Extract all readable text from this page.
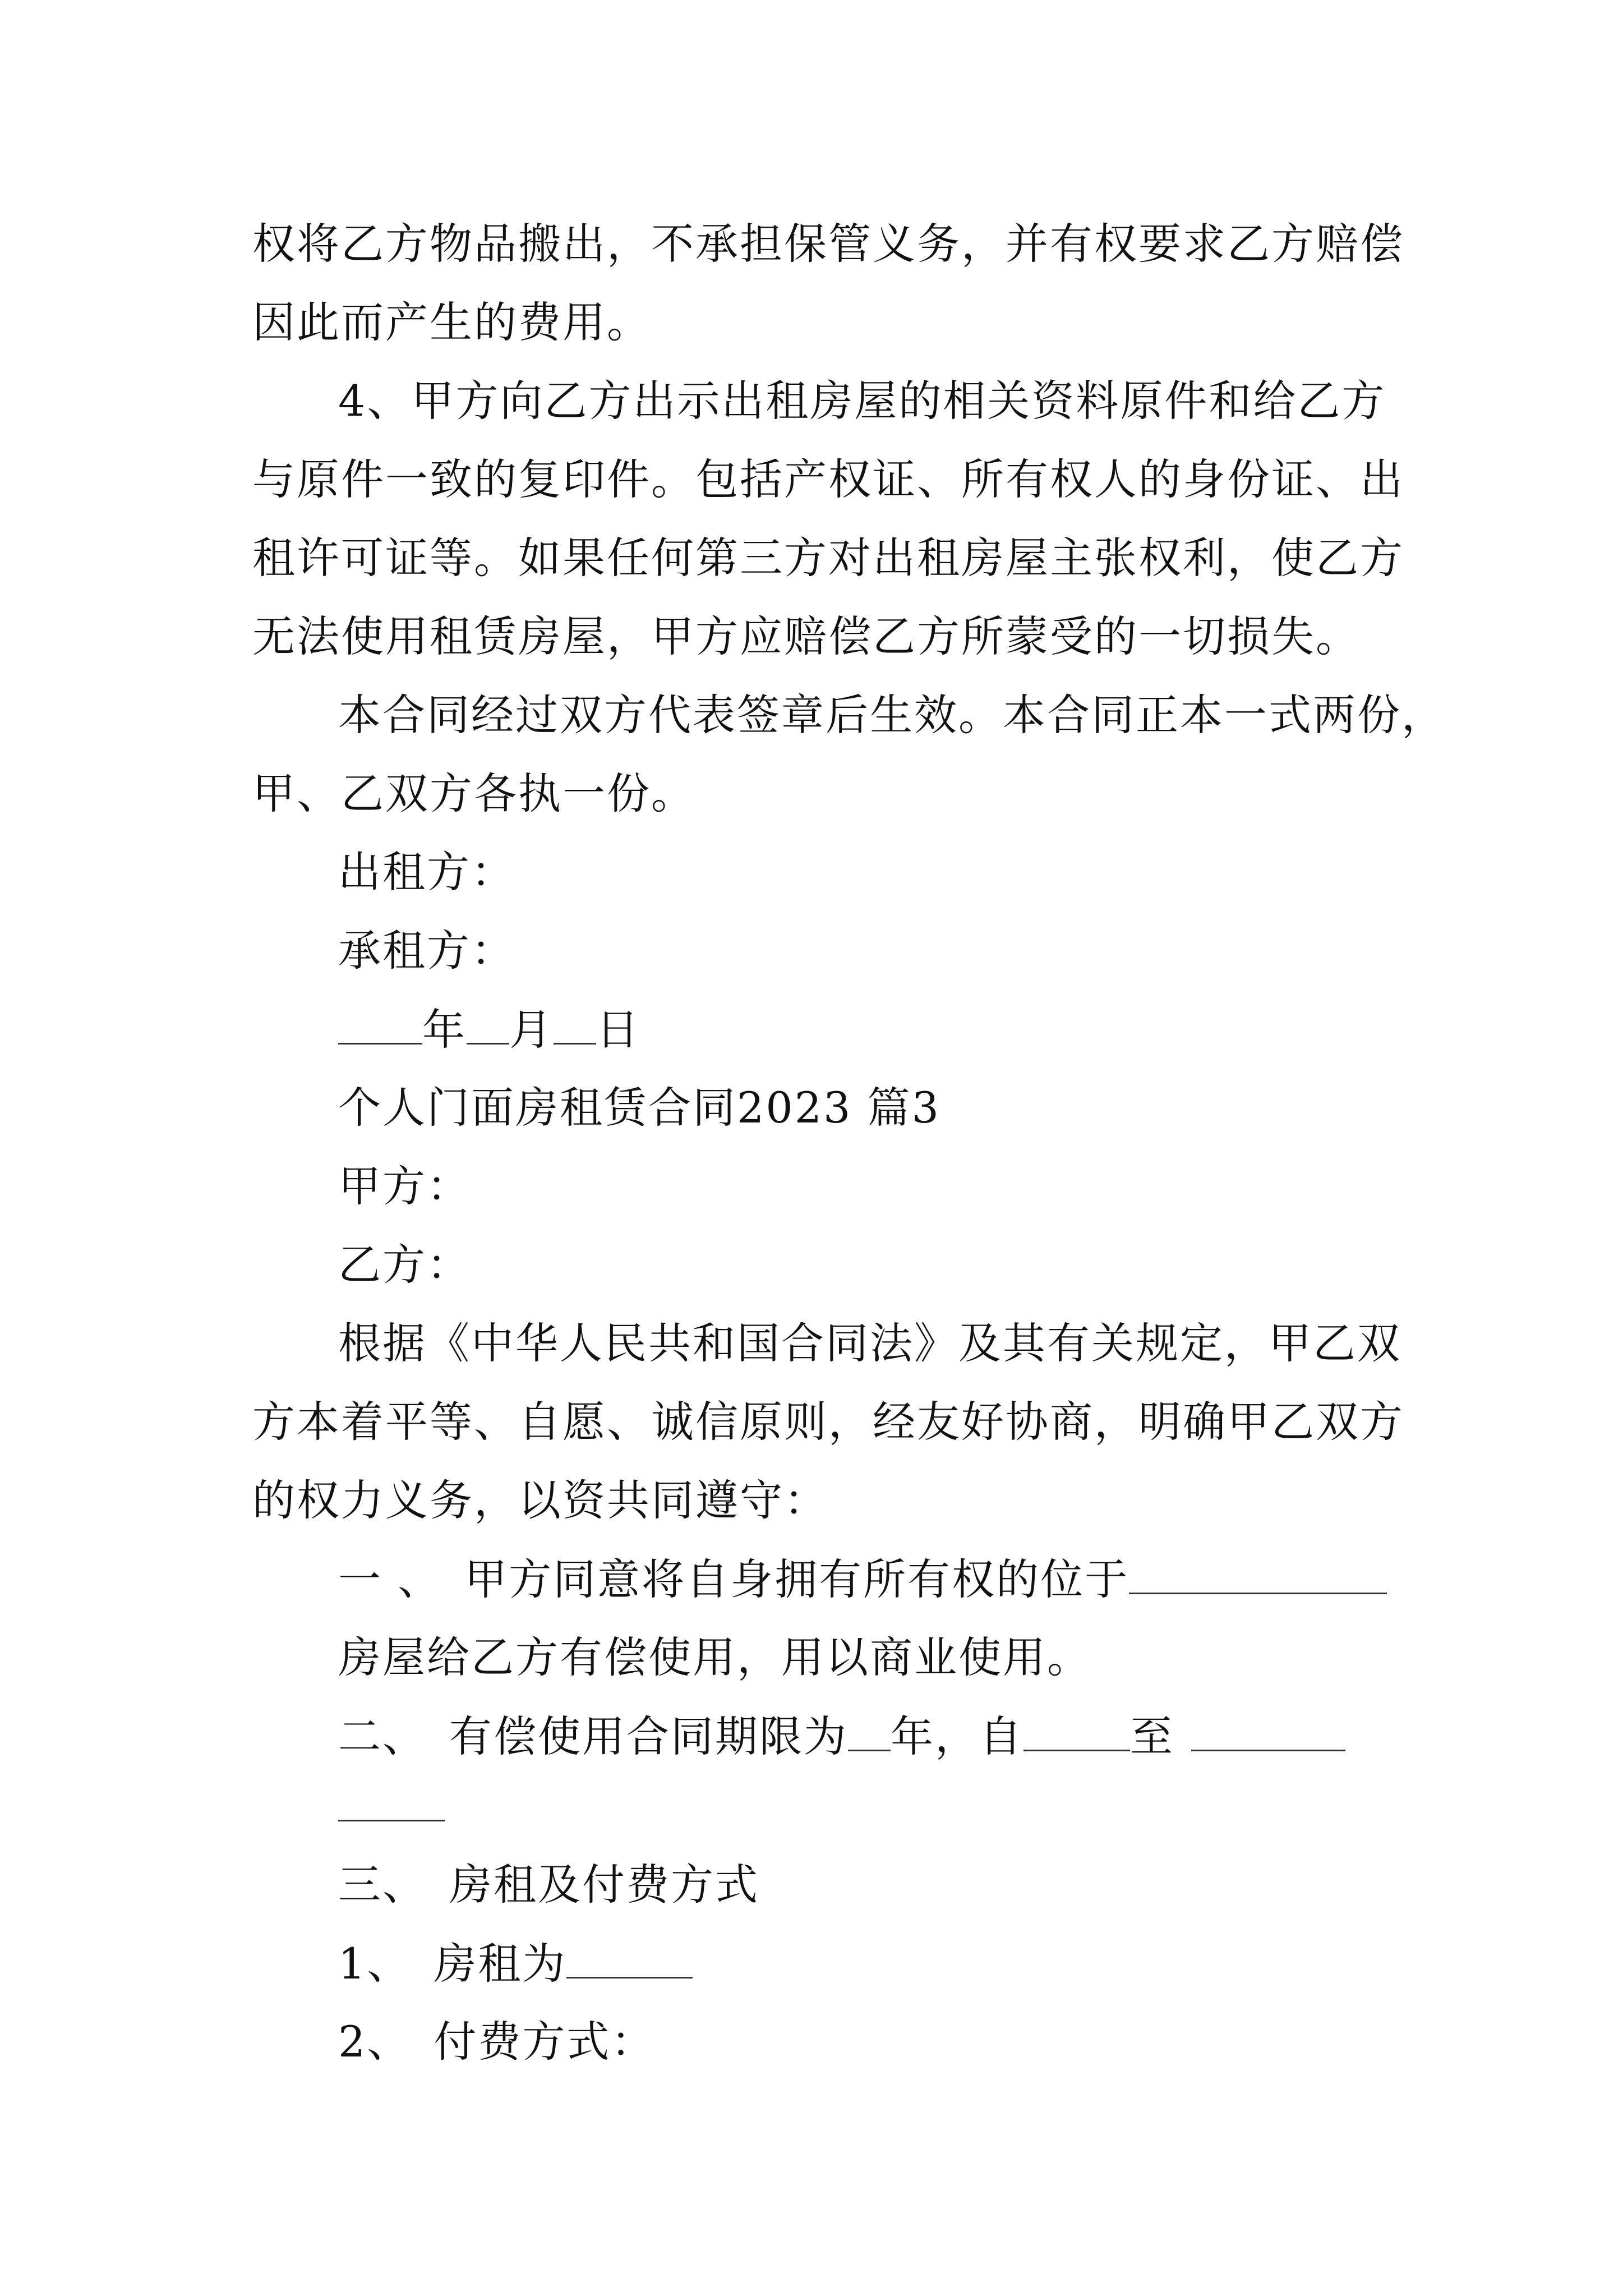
权将乙方物品搬出，不承担保管义务，并有权要求乙方赔偿
因此而产生的费用。
4、甲方向乙方出示出租房屋的相关资料原件和给乙方
与原件一致的复印件。包括产权证、所有权人的身份证、出
租许可证等。如果任何第三方对出租房屋主张权利，使乙方
无法使用租赁房屋，甲方应赔偿乙方所蒙受的一切损失。
本合同经过双方代表签章后生效。本合同正本一式两份，
甲、乙双方各执一份。
出租方：
承租方：
年 月 日
个人门面房租赁合同2023 篇3
甲方：
乙方：
根据《中华人民共和国合同法》及其有关规定，甲乙双
方本着平等、自愿、诚信原则，经友好协商，明确甲乙双方
的权力义务，以资共同遵守：
一 、 甲方同意将自身拥有所有权的位于
房屋给乙方有偿使用，用以商业使用。
二、 有偿使用合同期限为 年，自	至
三、 房租及付费方式
1、 房租为
2、 付费方式：
